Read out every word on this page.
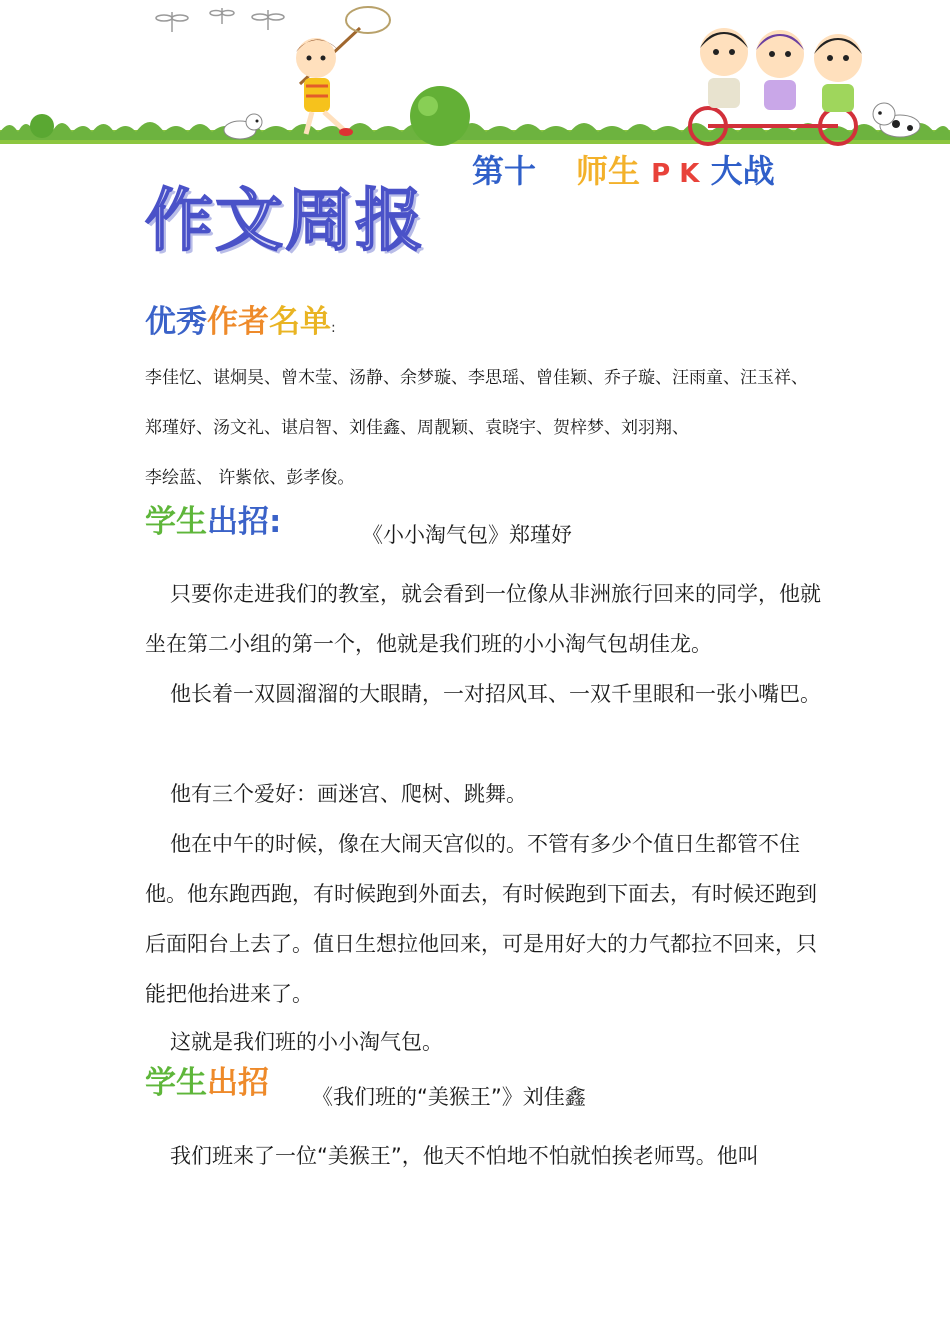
第十 师生 P K 大战
作文周报
优秀作者名单:
李佳忆、谌炯昊、曾木莹、汤静、余梦璇、李思瑶、曾佳颖、乔子璇、汪雨童、汪玉祥、
郑瑾妤、汤文礼、谌启智、刘佳鑫、周靓颖、袁晓宇、贺梓梦、刘羽翔、
李绘蓝、 许紫依、彭孝俊。
学生出招:	《小小淘气包》郑瑾妤
只要你走进我们的教室，就会看到一位像从非洲旅行回来的同学，他就坐在第二小组的第一个，他就是我们班的小小淘气包胡佳龙。
他长着一双圆溜溜的大眼睛，一对招风耳、一双千里眼和一张小嘴巴。
他有三个爱好：画迷宫、爬树、跳舞。
他在中午的时候，像在大闹天宫似的。不管有多少个值日生都管不住他。他东跑西跑，有时候跑到外面去，有时候跑到下面去，有时候还跑到后面阳台上去了。值日生想拉他回来，可是用好大的力气都拉不回来，只能把他抬进来了。
这就是我们班的小小淘气包。
学生出招 《我们班的“美猴王”》刘佳鑫
我们班来了一位“美猴王”，他天不怕地不怕就怕挨老师骂。他叫
